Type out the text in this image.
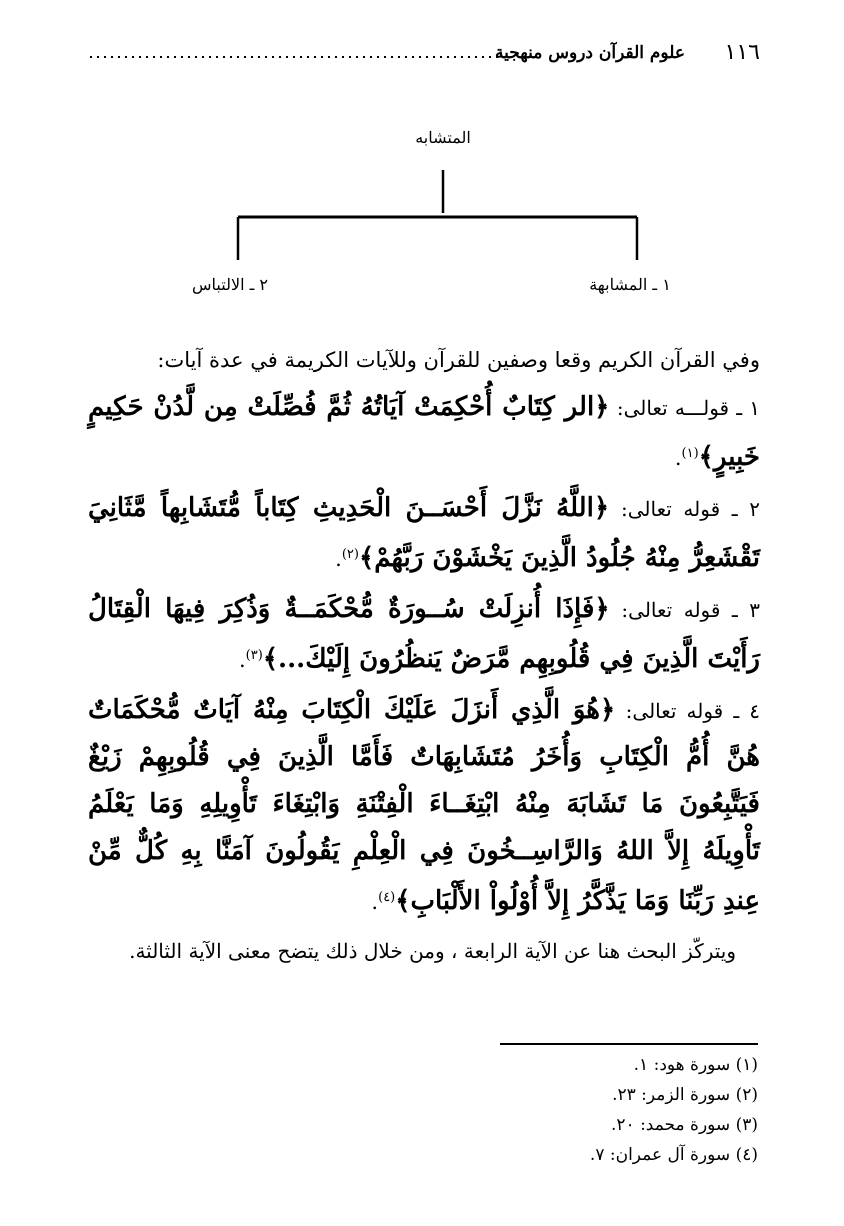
علوم القرآن دروس منهجية ١١٦
المتشابه
٢ ـ الالتباس	١ ـ المشابهة

وفي القرآن الكريم وقعا وصفين للقرآن وللآيات الكريمة في عدة آيات:

١ ـ قولـــه تعالى: ﴿الر كِتَابٌ أُحْكِمَتْ آيَاتُهُ ثُمَّ فُصِّلَتْ مِن لَّدُنْ حَكِيمٍ خَبِيرٍ﴾$^{(١)}$.

٢ ـ قوله تعالى: ﴿اللَّهُ نَزَّلَ أَحْسَــنَ الْحَدِيثِ كِتَاباً مُّتَشَابِهاً مَّثَانِيَ تَقْشَعِرُّ مِنْهُ جُلُودُ الَّذِينَ يَخْشَوْنَ رَبَّهُمْ﴾$^{(٢)}$.

٣ ـ قوله تعالى: ﴿فَإِذَا أُنزِلَتْ سُــورَةٌ مُّحْكَمَــةٌ وَذُكِرَ فِيهَا الْقِتَالُ رَأَيْتَ الَّذِينَ فِي قُلُوبِهِم مَّرَضٌ يَنظُرُونَ إِلَيْكَ...﴾$^{(٣)}$.

٤ ـ قوله تعالى: ﴿هُوَ الَّذِي أَنزَلَ عَلَيْكَ الْكِتَابَ مِنْهُ آيَاتٌ مُّحْكَمَاتٌ هُنَّ أُمُّ الْكِتَابِ وَأُخَرُ مُتَشَابِهَاتٌ فَأَمَّا الَّذِينَ فِي قُلُوبِهِمْ زَيْغٌ فَيَتَّبِعُونَ مَا تَشَابَهَ مِنْهُ ابْتِغَــاءَ الْفِتْنَةِ وَابْتِغَاءَ تَأْوِيلِهِ وَمَا يَعْلَمُ تَأْوِيلَهُ إِلاَّ اللهُ وَالرَّاسِــخُونَ فِي الْعِلْمِ يَقُولُونَ آمَنَّا بِهِ كُلٌّ مِّنْ عِندِ رَبِّنَا وَمَا يَذَّكَّرُ إِلاَّ أُوْلُواْ الأَلْبَابِ﴾$^{(٤)}$.

ويتركّز البحث هنا عن الآية الرابعة ، ومن خلال ذلك يتضح معنى الآية الثالثة.

(١) سورة هود: ١.

(٢) سورة الزمر: ٢٣.

(٣) سورة محمد: ٢٠.

(٤) سورة آل عمران: ٧.
